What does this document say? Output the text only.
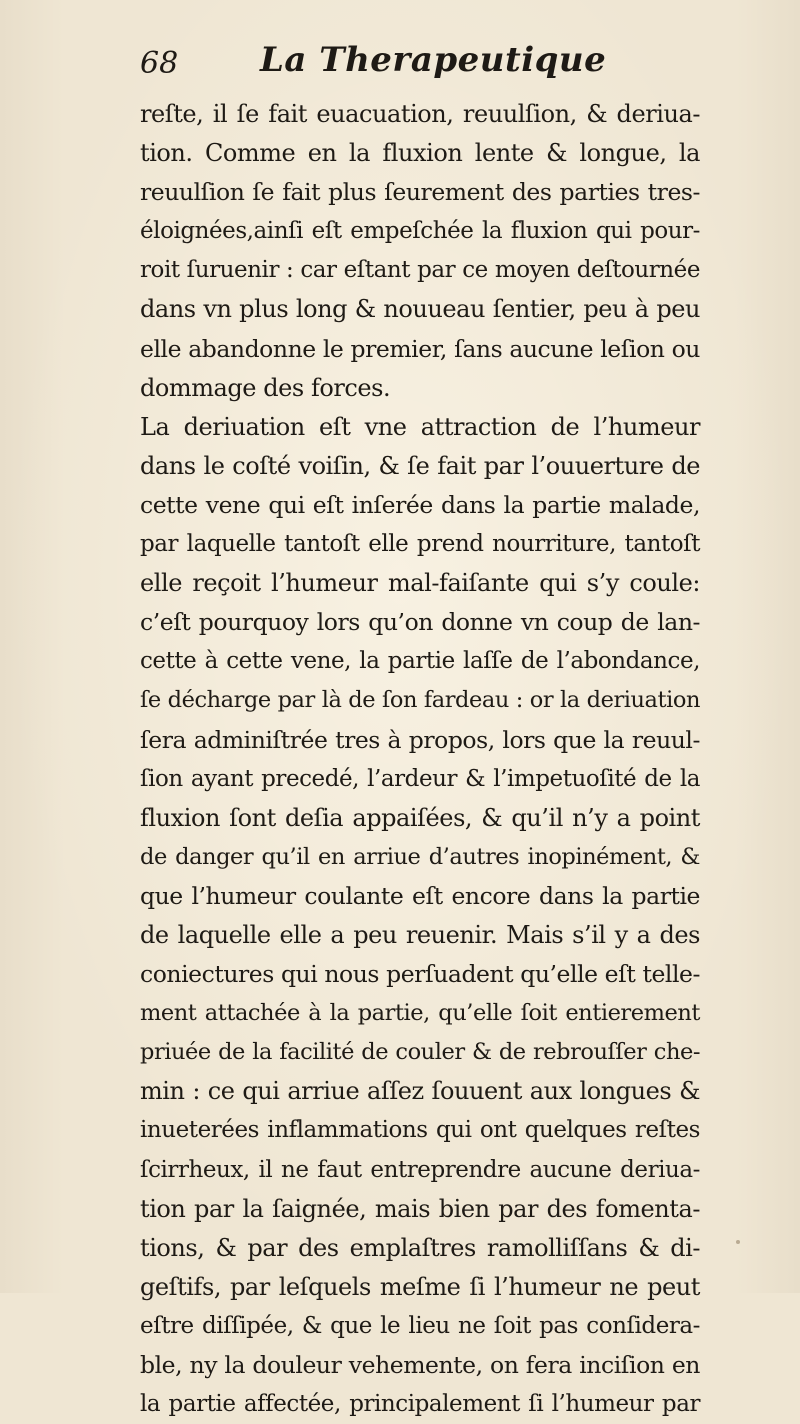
68 La Therapeutique
reſte, il ſe fait euacuation, reuulſion, & deriua-
tion. Comme en la fluxion lente & longue, la
reuulſion ſe fait plus ſeurement des parties tres-
éloignées,ainſi eſt empeſchée la fluxion qui pour-
roit ſuruenir : car eſtant par ce moyen deſtournée
dans vn plus long & nouueau ſentier, peu à peu
elle abandonne le premier, ſans aucune leſion ou
dommage des forces.
La deriuation eſt vne attraction de l’humeur
dans le coſté voiſin, & ſe fait par l’ouuerture de
cette vene qui eſt inſerée dans la partie malade,
par laquelle tantoſt elle prend nourriture, tantoſt
elle reçoit l’humeur mal-faiſante qui s’y coule:
c’eſt pourquoy lors qu’on donne vn coup de lan-
cette à cette vene, la partie laſſe de l’abondance,
ſe décharge par là de ſon fardeau : or la deriuation
ſera adminiſtrée tres à propos, lors que la reuul-
ſion ayant precedé, l’ardeur & l’impetuoſité de la
fluxion ſont deſia appaiſées, & qu’il n’y a point
de danger qu’il en arriue d’autres inopinément, &
que l’humeur coulante eſt encore dans la partie
de laquelle elle a peu reuenir. Mais s’il y a des
coniectures qui nous perſuadent qu’elle eſt telle-
ment attachée à la partie, qu’elle ſoit entierement
priuée de la facilité de couler & de rebrouſſer che-
min : ce qui arriue aſſez ſouuent aux longues &
inueterées inflammations qui ont quelques reſtes
ſcirrheux, il ne faut entreprendre aucune deriua-
tion par la ſaignée, mais bien par des fomenta-
tions, & par des emplaſtres ramolliſſans & di-
geſtifs, par leſquels meſme ſi l’humeur ne peut
eſtre diſſipée, & que le lieu ne ſoit pas conſidera-
ble, ny la douleur vehemente, on fera inciſion en
la partie affectée, principalement ſi l’humeur par
